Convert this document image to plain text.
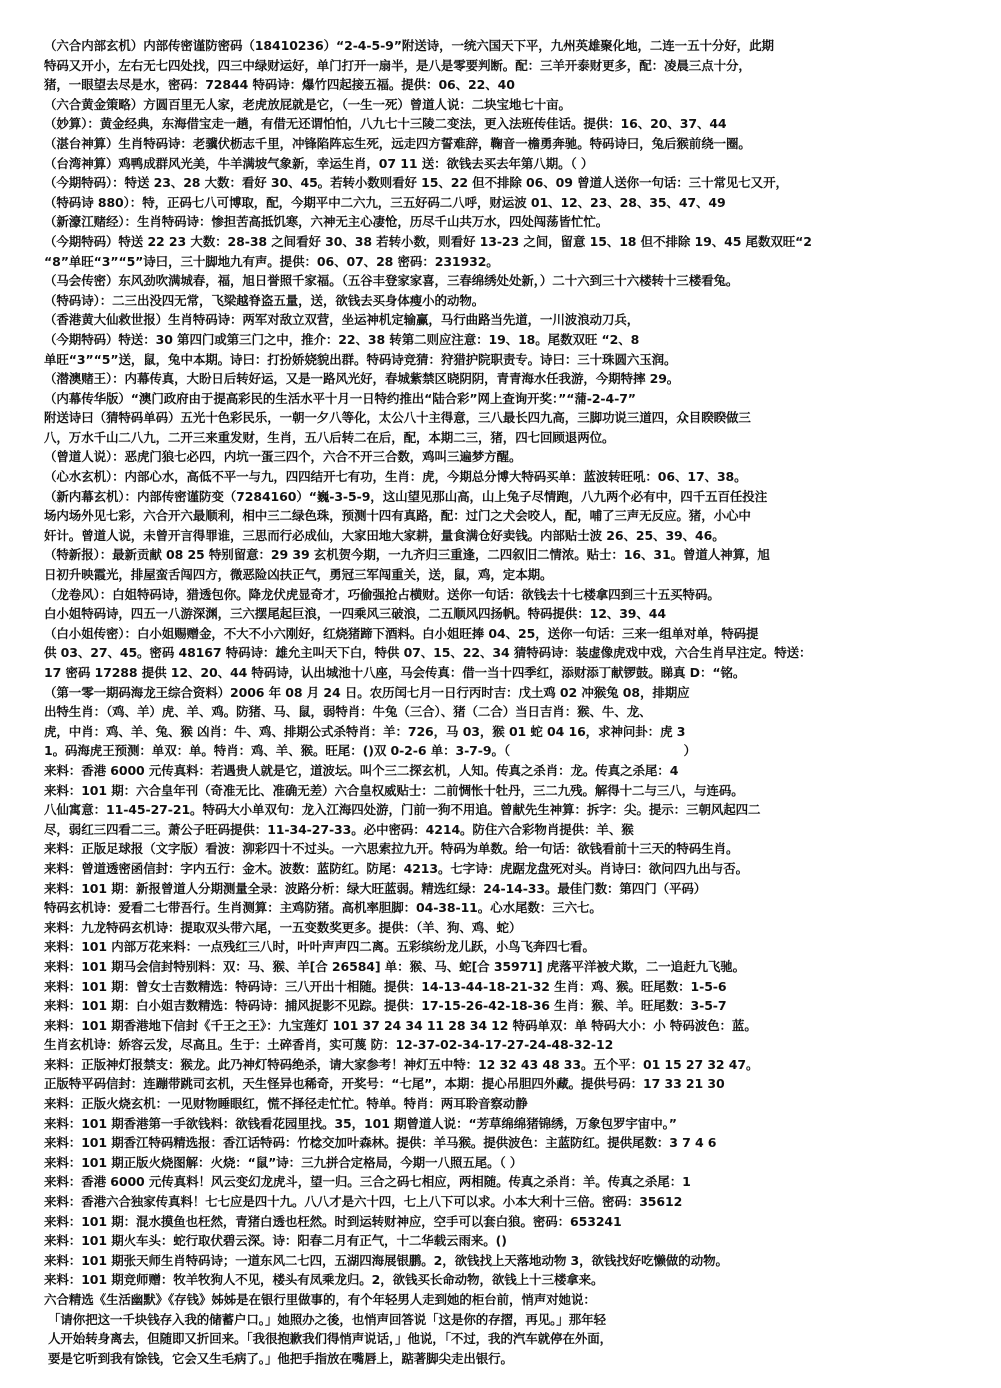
（六合内部玄机）内部传密谨防密码（18410236）“2-4-5-9”附送诗，一统六国天下平，九州英雄聚化地，二连一五十分好，此期
特码又开小，左右无七四处找，四三中绿财运好，单门打开一扇半，是八是零要判断。配：三羊开泰财更多，配：凌晨三点十分，
猪，一眼望去尽是水，密码：72844 特码诗：爆竹四起接五福。提供：06、22、40
（六合黄金策略）方圆百里无人家，老虎放屁就是它，（一生一死）曾道人说：二块宝地七十亩。
（妙算）：黄金经典，东海借宝走一趟，有借无还谓怕怕，八九七十三陵二变法，更入法班传佳话。提供：16、20、37、44
（湛台神算）生肖特码诗：老骥伏枥志千里，冲锋陷阵忘生死，远走四方誓难辞，鞠音一檐勇奔驰。特码诗曰，兔后猴前绕一圈。
（台湾神算）鸡鸭成群风光美，牛羊满坡气象新，幸运生肖，07 11 送：欲钱去买去年第八期。（ ）
（今期特码）：特送 23、28 大数：看好 30、45。若转小数则看好 15、22 但不排除 06、09 曾道人送你一句话：三十常见七又开，
（特码诗 880）：特，正码七八可博取，配，今期平中二六九，三五好码二八呼，财运波 01、12、23、28、35、47、49
（新濠江赌经）：生肖特码诗：惨担苦高抵饥寒，六神无主心凄怆，历尽千山共万水，四处闯荡皆忙忙。
（今期特码）特送 22 23 大数：28-38 之间看好 30、38 若转小数，则看好 13-23 之间，留意 15、18 但不排除 19、45 尾数双旺“2
“8”单旺“3”“5”诗曰，三十脚地九有声。提供：06、07、28 密码：231932。
（马会传密）东风劲吹满城春，福，旭日誉照千家福。（五谷丰登家家喜，三春绵绣处处新，）二十六到三十六楼转十三楼看兔。
（特码诗）：二三出没四无常，飞梁越脊盗五量，送，欲钱去买身体瘦小的动物。
（香港黄大仙救世报）生肖特码诗：两军对敌立双营，坐运神机定输赢，马行曲路当先道，一川波浪动刀兵，
（今期特码）特送：30 第四门或第三门之中，推介：22、38 转第二则应注意：19、18。尾数双旺 “2、8
单旺“3”“5”送，鼠，兔中本期。诗曰：打扮娇娆貌出群。特码诗竞猜：狩猎护院职责专。诗曰：三十珠圆六玉润。
（潜澳赌王）：内幕传真，大盼日后转好运，又是一路风光好，春城紫禁区晓阴阴，青青海水任我游，今期特摔 29。
（内幕传华版）“澳门政府由于提高彩民的生活水平十月一日特约推出“陆合彩”网上查询开奖：”“蒲-2-4-7”
附送诗曰（猜特码单码）五光十色彩民乐，一朝一夕八等化，太公八十主得意，三八最长四九高，三脚功说三道四，众目睽睽做三
八，万水千山二八九，二开三来重发财，生肖，五八后转二在后，配，本期二三，猪，四七回顾退两位。
（曾道人说）：恶虎门狼七必四，内坑一蛋三四个，六合不开三合数，鸡叫三遍梦方醒。
（心水玄机）：内部心水，高低不平一与九，四四结开七有功，生肖：虎，今期总分博大特码买单：蓝波转旺吼：06、17、38。
（新内幕玄机）：内部传密谨防变（7284160）“巍-3-5-9，这山望见那山高，山上兔子尽情跑，八九两个必有中，四千五百任投注
场内场外见七彩，六合开六最顺利，相中三二绿色珠，预测十四有真路，配：过门之犬会咬人，配，哺了三声无反应。猪，小心中
奸计。曾道人说，未曾开言得罪谁，三思而行必成仙，大家田地大家耕，量食满仓好卖钱。内部贴士波 26、25、39、46。
（特新报）：最新贡献 08 25 特别留意：29 39 玄机贺今期，一九齐归三重逢，二四叙旧二情浓。贴士：16、31。曾道人神算，旭
日初升映霞光，排屋蛮舌闯四方，微恶险凶扶正气，勇冠三军闯重关，送，鼠，鸡，定本期。
（龙卷风）：白姐特码诗，猎透包你。降龙伏虎显奇才，巧偷强抢占横财。送你一句话：欲钱去十七楼拿四到三十五买特码。
白小姐特码诗，四五一八游深渊，三六摆尾起巨浪，一四乘风三破浪，二五顺风四扬帆。特码提供：12、39、44
（白小姐传密）：白小姐赐赠金，不大不小六刚好，红烧猪蹄下酒料。白小姐旺捧 04、25，送你一句话：三来一组单对单，特码提
供 03、27、45。密码 48167 特码诗：雄允主叫天下白，特供 07、15、22、34 猜特码诗：装虚像虎戏中戏，六合生肖早注定。特送：
17 密码 17288 提供 12、20、44 特码诗，认出城池十八座，马会传真：借一当十四季红，添财添丁献锣鼓。睇真 D：“铭。
（第一零一期码海龙王综合资料）2006 年 08 月 24 日。农历闰七月一日行丙时吉：戊土鸡 02 冲猴兔 08，排期应
出特生肖：（鸡、羊）虎、羊、鸡。防猪、马、鼠，弱特肖：牛兔（三合）、猪（二合）当日吉肖：猴、牛、龙、
虎，中肖：鸡、羊、兔、猴 凶肖：牛、鸡、排期公式杀特肖：羊：726，马 03，猴 01 蛇 04 16，求神问卦：虎 3
1。码海虎王预测：单双：单。特肖：鸡、羊、猴。旺尾：()双 0-2-6 单：3-7-9。（　　　　　　　　　　　　　　）
来料：香港 6000 元传真料：若遇贵人就是它，道波坛。叫个三二探玄机，人知。传真之杀肖：龙。传真之杀尾：4
来料：101 期：六合皇年刊（奇准无比、准确无差）六合皇权威贴士：二前惆怅十牡丹，三二九残。解得十二与三八，与连码。
八仙寓意：11-45-27-21。特码大小单双句：龙入江海四处游，门前一狗不用追。曾献先生神算：拆字：尖。提示：三朝风起四二
尽，弱红三四看二三。萧公子旺码提供：11-34-27-33。必中密码：4214。防住六合彩物肖提供：羊、猴
来料：正版足球报（文字版）看波：泖彩四十不过头。一六思索拉九开。特码为单数。给一句话：欲钱看前十三天的特码生肖。
来料：曾道透密函信封：字内五行：金木。波数：蓝防红。防尾：4213。七字诗：虎踞龙盘死对头。肖诗曰：欲问四九出与否。
来料：101 期：新报曾道人分期测量全录：波路分析：绿大旺蓝弱。精选红绿：24-14-33。最佳门数：第四门（平码）
特码玄机诗：爱看二七带吾行。生肖测算：主鸡防猪。高机率胆脚：04-38-11。心水尾数：三六七。
来料：九龙特码玄机诗：提取双头带六尾，一五变数奖更多。提供：（羊、狗、鸡、蛇）
来料：101 内部万花来料：一点残红三八时，叶叶声声四二离。五彩缤纷龙儿跃，小鸟飞奔四七看。
来料：101 期马会信封特别料：双：马、猴、羊[合 26584] 单：猴、马、蛇[合 35971] 虎落平洋被犬欺，二一追赶九飞驰。
来料：101 期：曾女士吉数精选：特码诗：三八开出十相随。提供：14-13-44-18-21-32 生肖：鸡、猴。旺尾数：1-5-6
来料：101 期：白小姐吉数精选：特码诗：捕风捉影不见踪。提供：17-15-26-42-18-36 生肖：猴、羊。旺尾数：3-5-7
来料：101 期香港地下信封《千王之王》：九宝莲灯 101 37 24 34 11 28 34 12 特码单双：单 特码大小：小 特码波色：蓝。
生肖玄机诗：娇容云发，尽高且。生于：土碎香肖，实可蔑 防：12-37-02-34-17-27-24-48-32-12
来料：正版神灯报禁支：猴龙。此乃神灯特码绝杀，请大家参考！神灯五中特：12 32 43 48 33。五个平：01 15 27 32 47。
正版特平码信封：连蹦带跳司玄机，天生怪异也稀奇，开奖号：“七尾”，本期：提心吊胆四外藏。提供号码：17 33 21 30
来料：正版火烧玄机：一见财物睡眼红，慌不择径走忙忙。特单。特肖：两耳聆音察动静
来料：101 期香港第一手欲钱料：欲钱看花园里找。35，101 期曾道人说：“芳草绵绵猪锦绣，万象包罗宇宙中。”
来料：101 期香江特码精选报：香江话特码：竹棯交加叶森林。提供：羊马猴。提供波色：主蓝防红。提供尾数：3 7 4 6
来料：101 期正版火烧图解：火烧：“鼠”诗：三九拼合定格局，今期一八照五尾。（ ）
来料：香港 6000 元传真料！风云变幻龙虎斗，望一归。三合之码七相应，两相随。传真之杀肖：羊。传真之杀尾：1
来料：香港六合独家传真料！七七应是四十九。八八才是六十四，七上八下可以求。小本大利十三倍。密码：35612
来料：101 期：混水摸鱼也枉然，青猪白透也枉然。时到运转财神应，空手可以套白狼。密码：653241
来料：101 期火车头：蛇行取伏碧云深。诗：阳春二月有正气，十二华载云雨来。()
来料：101 期张天师生肖特码诗；一道东风二七四，五湖四海展银鹏。2，欲钱找上天落地动物 3，欲钱找好吃懒做的动物。
来料：101 期竞师赠：牧羊牧狗人不见，楼头有凤乘龙归。2，欲钱买长命动物，欲钱上十三楼拿来。
六合精选《生活幽默》《存钱》姊姊是在银行里做事的，有个年轻男人走到她的柜台前，悄声对她说：
「请你把这一千块钱存入我的储蓄户口。」她照办之後，也悄声回答说「这是你的存摺，再见。」那年轻
人开始转身离去，但随即又折回来。「我很抱歉我们得悄声说话，」他说，「不过，我的汽车就停在外面，
要是它听到我有馀钱，它会又生毛病了。」他把手指放在嘴唇上，踮著脚尖走出银行。
